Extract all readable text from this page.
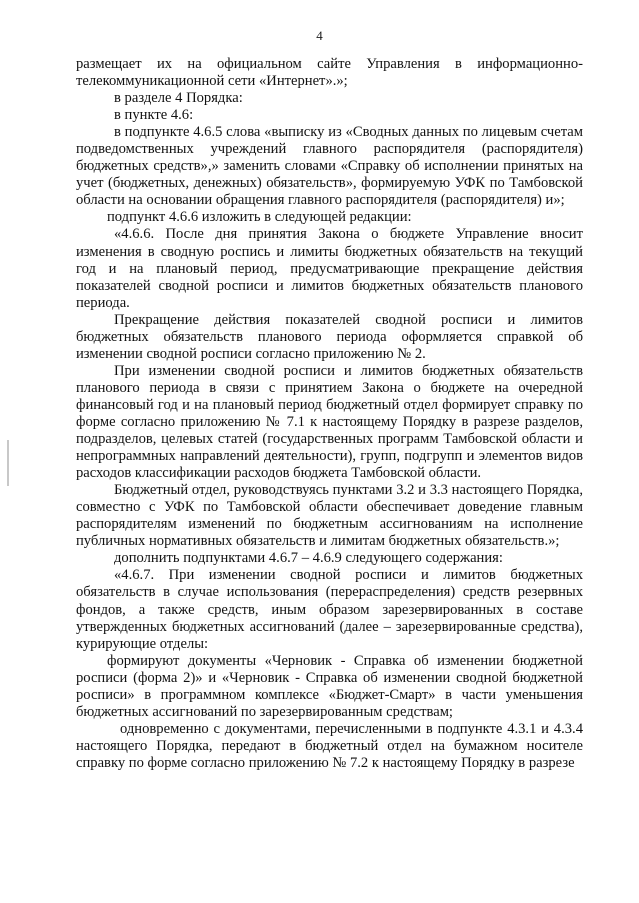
4

размещает их на официальном сайте Управления в информационно-телекоммуникационной сети «Интернет».»;

в разделе 4 Порядка:

в пункте 4.6:

в подпункте 4.6.5 слова «выписку из «Сводных данных по лицевым счетам подведомственных учреждений главного распорядителя (распорядителя) бюджетных средств»,» заменить словами «Справку об исполнении принятых на учет (бюджетных, денежных) обязательств», формируемую УФК по Тамбовской области на основании обращения главного распорядителя (распорядителя) и»;

подпункт 4.6.6 изложить в следующей редакции:

«4.6.6. После дня принятия Закона о бюджете Управление вносит изменения в сводную роспись и лимиты бюджетных обязательств на текущий год и на плановый период, предусматривающие прекращение действия показателей сводной росписи и лимитов бюджетных обязательств планового периода.

Прекращение действия показателей сводной росписи и лимитов бюджетных обязательств планового периода оформляется справкой об изменении сводной росписи согласно приложению № 2.

При изменении сводной росписи и лимитов бюджетных обязательств планового периода в связи с принятием Закона о бюджете на очередной финансовый год и на плановый период бюджетный отдел формирует справку по форме согласно приложению № 7.1 к настоящему Порядку в разрезе разделов, подразделов, целевых статей (государственных программ Тамбовской области и непрограммных направлений деятельности), групп, подгрупп и элементов видов расходов классификации расходов бюджета Тамбовской области.

Бюджетный отдел, руководствуясь пунктами 3.2 и 3.3 настоящего Порядка, совместно с УФК по Тамбовской области обеспечивает доведение главным распорядителям изменений по бюджетным ассигнованиям на исполнение публичных нормативных обязательств и лимитам бюджетных обязательств.»;

дополнить подпунктами 4.6.7 – 4.6.9 следующего содержания:

«4.6.7. При изменении сводной росписи и лимитов бюджетных обязательств в случае использования (перераспределения) средств резервных фондов, а также средств, иным образом зарезервированных в составе утвержденных бюджетных ассигнований (далее – зарезервированные средства), курирующие отделы:

формируют документы «Черновик - Справка об изменении бюджетной росписи (форма 2)» и «Черновик - Справка об изменении сводной бюджетной росписи» в программном комплексе «Бюджет-Смарт» в части уменьшения бюджетных ассигнований по зарезервированным средствам;

одновременно с документами, перечисленными в подпункте 4.3.1 и 4.3.4 настоящего Порядка, передают в бюджетный отдел на бумажном носителе справку по форме согласно приложению № 7.2 к настоящему Порядку в разрезе
